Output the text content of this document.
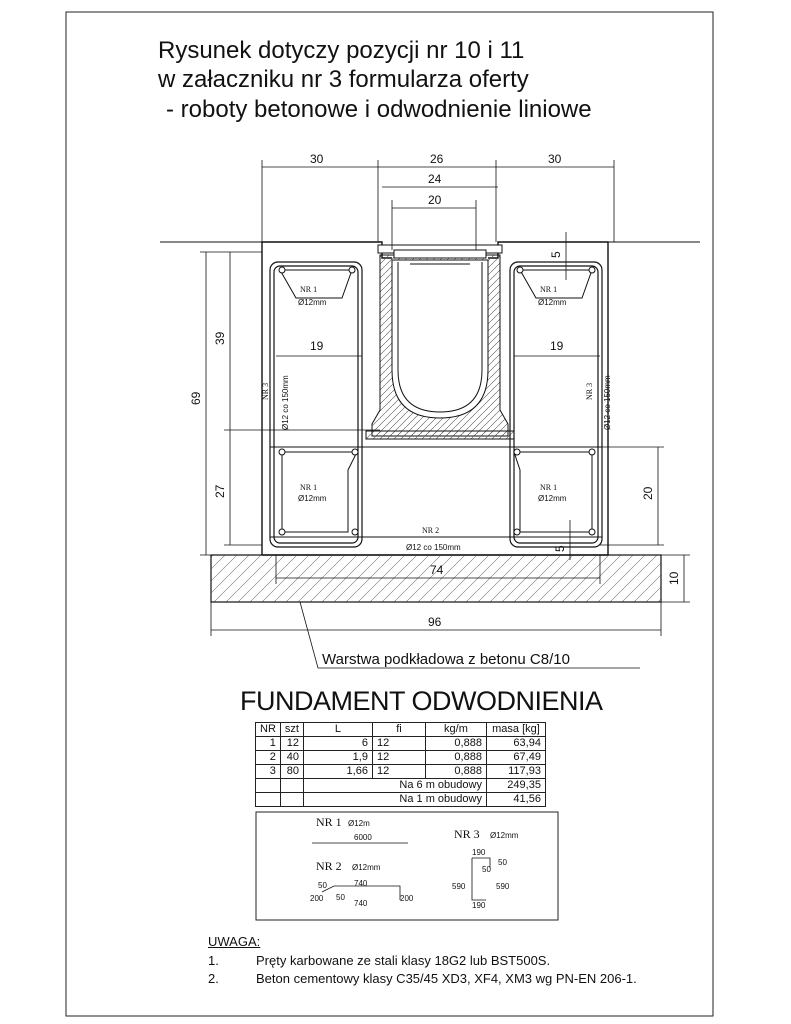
Rysunek dotyczy pozycji nr 10 i 11
w załaczniku nr 3 formularza oferty
- roboty betonowe i odwodnienie liniowe
30	26	30
24
20
5
39
69
27
19	19
20
5
74
96
10
NR 1
Ø12mm
NR 1
Ø12mm
NR 1
Ø12mm
NR 1
Ø12mm
NR 2
Ø12 co 150mm
NR 3 Ø12 co 150mm	NR 3 Ø12 co 150mm
Warstwa podkładowa z betonu C8/10
NR 1 Ø12m
6000
NR 2 Ø12mm
50	740
200 50
740
200
NR 3 Ø12mm
190
50
50
590	590
190
FUNDAMENT ODWODNIENIA
NR	szt	L	fi	kg/m	masa [kg]
1	12	6	12	0,888	63,94
2	40	1,9	12	0,888	67,49
3	80	1,66	12	0,888	117,93
		Na 6 m obudowy			249,35
		Na 1 m obudowy			41,56
UWAGA:
1.	Pręty karbowane ze stali klasy 18G2 lub BST500S.
2.	Beton cementowy klasy C35/45 XD3, XF4, XM3 wg PN-EN 206-1.
